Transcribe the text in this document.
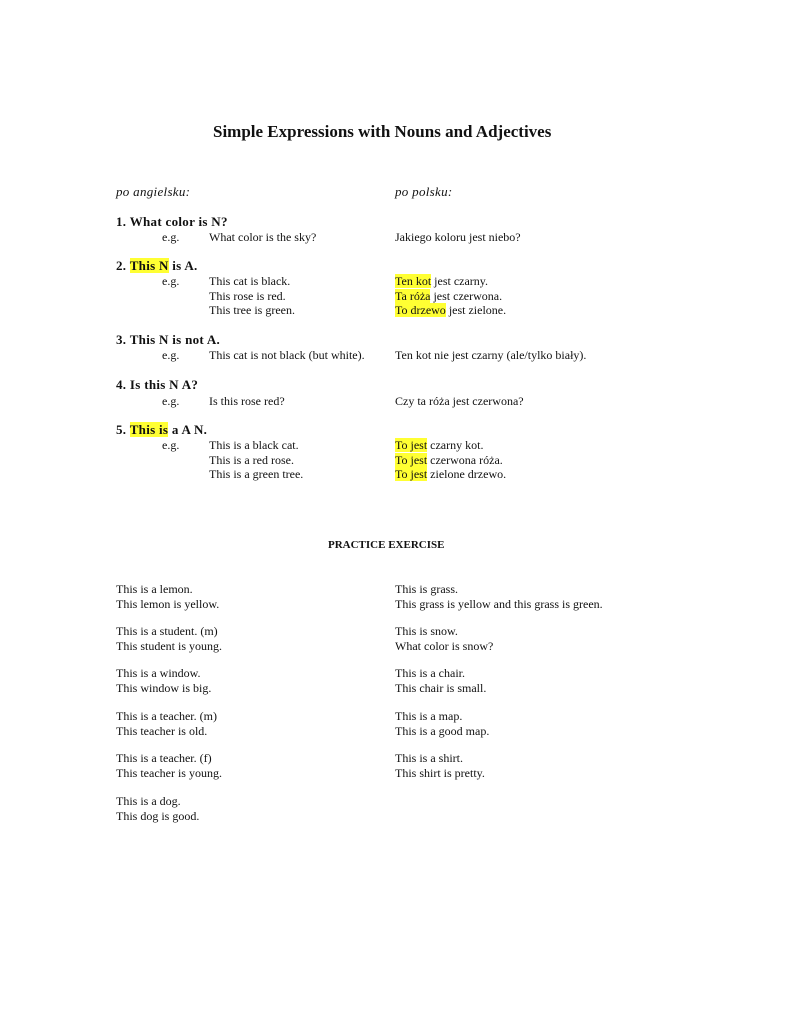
Simple Expressions with Nouns and Adjectives
po angielsku:	po polsku:
1. What color is N?
e.g. What color is the sky?	Jakiego koloru jest niebo?
2. This N is A.
e.g. This cat is black.	Ten kot jest czarny.
This rose is red.	Ta róża jest czerwona.
This tree is green.	To drzewo jest zielone.
3. This N is not A.
e.g. This cat is not black (but white).	Ten kot nie jest czarny (ale/tylko biały).
4. Is this N A?
e.g. Is this rose red?	Czy ta róża jest czerwona?
5. This is a A N.
e.g. This is a black cat.	To jest czarny kot.
This is a red rose.	To jest czerwona róża.
This is a green tree.	To jest zielone drzewo.
PRACTICE EXERCISE
This is a lemon.
This lemon is yellow.
This is a student. (m)
This student is young.
This is a window.
This window is big.
This is a teacher. (m)
This teacher is old.
This is a teacher. (f)
This teacher is young.
This is a dog.
This dog is good.
This is grass.
This grass is yellow and this grass is green.
This is snow.
What color is snow?
This is a chair.
This chair is small.
This is a map.
This is a good map.
This is a shirt.
This shirt is pretty.
